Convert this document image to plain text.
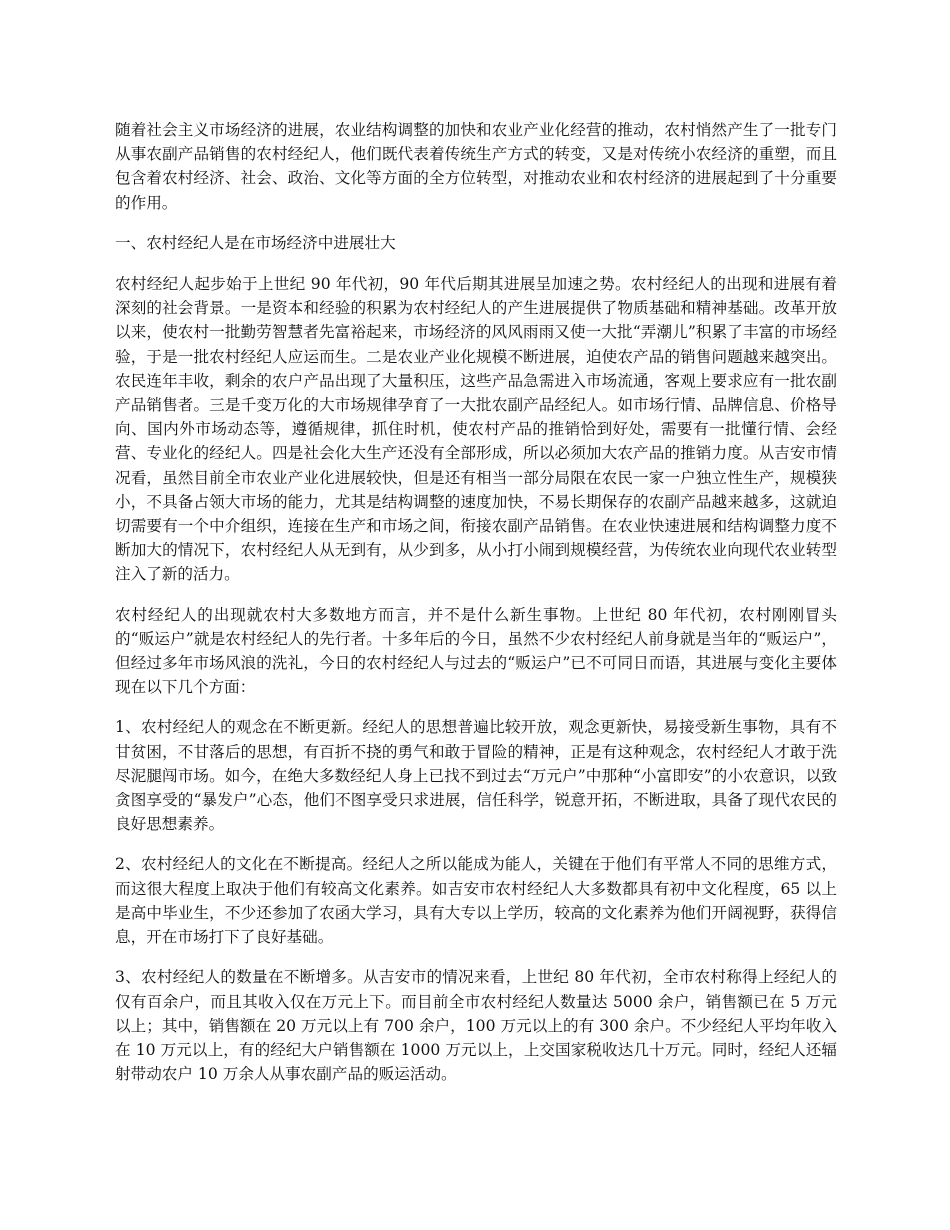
随着社会主义市场经济的进展，农业结构调整的加快和农业产业化经营的推动，农村悄然产生了一批专门从事农副产品销售的农村经纪人，他们既代表着传统生产方式的转变，又是对传统小农经济的重塑，而且包含着农村经济、社会、政治、文化等方面的全方位转型，对推动农业和农村经济的进展起到了十分重要的作用。

一、农村经纪人是在市场经济中进展壮大

农村经纪人起步始于上世纪 90 年代初，90 年代后期其进展呈加速之势。农村经纪人的出现和进展有着深刻的社会背景。一是资本和经验的积累为农村经纪人的产生进展提供了物质基础和精神基础。改革开放以来，使农村一批勤劳智慧者先富裕起来，市场经济的风风雨雨又使一大批“弄潮儿”积累了丰富的市场经验，于是一批农村经纪人应运而生。二是农业产业化规模不断进展，迫使农产品的销售问题越来越突出。农民连年丰收，剩余的农户产品出现了大量积压，这些产品急需进入市场流通，客观上要求应有一批农副产品销售者。三是千变万化的大市场规律孕育了一大批农副产品经纪人。如市场行情、品牌信息、价格导向、国内外市场动态等，遵循规律，抓住时机，使农村产品的推销恰到好处，需要有一批懂行情、会经营、专业化的经纪人。四是社会化大生产还没有全部形成，所以必须加大农产品的推销力度。从吉安市情况看，虽然目前全市农业产业化进展较快，但是还有相当一部分局限在农民一家一户独立性生产，规模狭小，不具备占领大市场的能力，尤其是结构调整的速度加快，不易长期保存的农副产品越来越多，这就迫切需要有一个中介组织，连接在生产和市场之间，衔接农副产品销售。在农业快速进展和结构调整力度不断加大的情况下，农村经纪人从无到有，从少到多，从小打小闹到规模经营，为传统农业向现代农业转型注入了新的活力。

农村经纪人的出现就农村大多数地方而言，并不是什么新生事物。上世纪 80 年代初，农村刚刚冒头的“贩运户”就是农村经纪人的先行者。十多年后的今日，虽然不少农村经纪人前身就是当年的“贩运户”，但经过多年市场风浪的洗礼，今日的农村经纪人与过去的“贩运户”已不可同日而语，其进展与变化主要体现在以下几个方面：

1、农村经纪人的观念在不断更新。经纪人的思想普遍比较开放，观念更新快，易接受新生事物，具有不甘贫困，不甘落后的思想，有百折不挠的勇气和敢于冒险的精神，正是有这种观念，农村经纪人才敢于洗尽泥腿闯市场。如今，在绝大多数经纪人身上已找不到过去“万元户”中那种“小富即安”的小农意识，以致贪图享受的“暴发户”心态，他们不图享受只求进展，信任科学，锐意开拓，不断进取，具备了现代农民的良好思想素养。

2、农村经纪人的文化在不断提高。经纪人之所以能成为能人，关键在于他们有平常人不同的思维方式，而这很大程度上取决于他们有较高文化素养。如吉安市农村经纪人大多数都具有初中文化程度，65 以上是高中毕业生，不少还参加了农函大学习，具有大专以上学历，较高的文化素养为他们开阔视野，获得信息，开在市场打下了良好基础。

3、农村经纪人的数量在不断增多。从吉安市的情况来看，上世纪 80 年代初，全市农村称得上经纪人的仅有百余户，而且其收入仅在万元上下。而目前全市农村经纪人数量达 5000 余户，销售额已在 5 万元以上；其中，销售额在 20 万元以上有 700 余户，100 万元以上的有 300 余户。不少经纪人平均年收入在 10 万元以上，有的经纪大户销售额在 1000 万元以上，上交国家税收达几十万元。同时，经纪人还辐射带动农户 10 万余人从事农副产品的贩运活动。
